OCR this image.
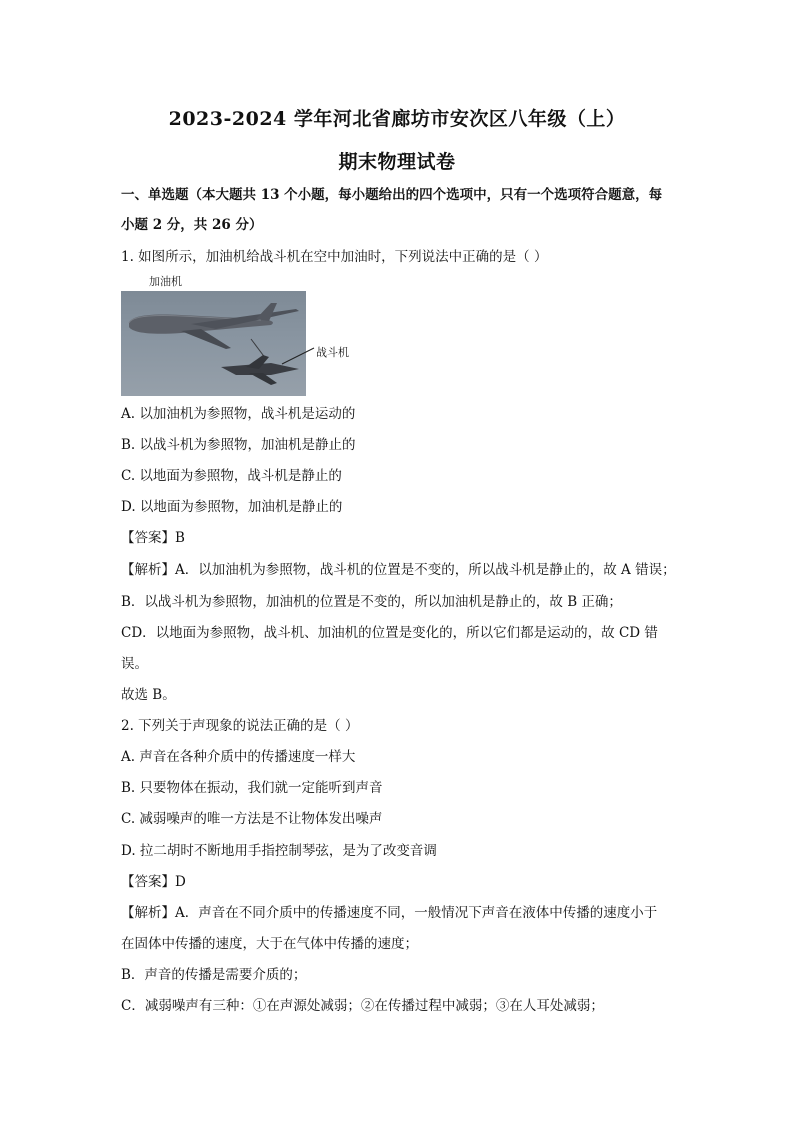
2023-2024 学年河北省廊坊市安次区八年级（上）
期末物理试卷
一、单选题（本大题共 13 个小题，每小题给出的四个选项中，只有一个选项符合题意，每
小题 2 分，共 26 分）
1. 如图所示，加油机给战斗机在空中加油时，下列说法中正确的是（ ）
加油机
战斗机
A. 以加油机为参照物，战斗机是运动的
B. 以战斗机为参照物，加油机是静止的
C. 以地面为参照物，战斗机是静止的
D. 以地面为参照物，加油机是静止的
【答案】B
【解析】A．以加油机为参照物，战斗机的位置是不变的，所以战斗机是静止的，故 A 错误；
B．以战斗机为参照物，加油机的位置是不变的，所以加油机是静止的，故 B 正确；
CD．以地面为参照物，战斗机、加油机的位置是变化的，所以它们都是运动的，故 CD 错
误。
故选 B。
2. 下列关于声现象的说法正确的是（ ）
A. 声音在各种介质中的传播速度一样大
B. 只要物体在振动，我们就一定能听到声音
C. 减弱噪声的唯一方法是不让物体发出噪声
D. 拉二胡时不断地用手指控制琴弦，是为了改变音调
【答案】D
【解析】A．声音在不同介质中的传播速度不同，一般情况下声音在液体中传播的速度小于
在固体中传播的速度，大于在气体中传播的速度；
B．声音的传播是需要介质的；
C．减弱噪声有三种：①在声源处减弱；②在传播过程中减弱；③在人耳处减弱；
